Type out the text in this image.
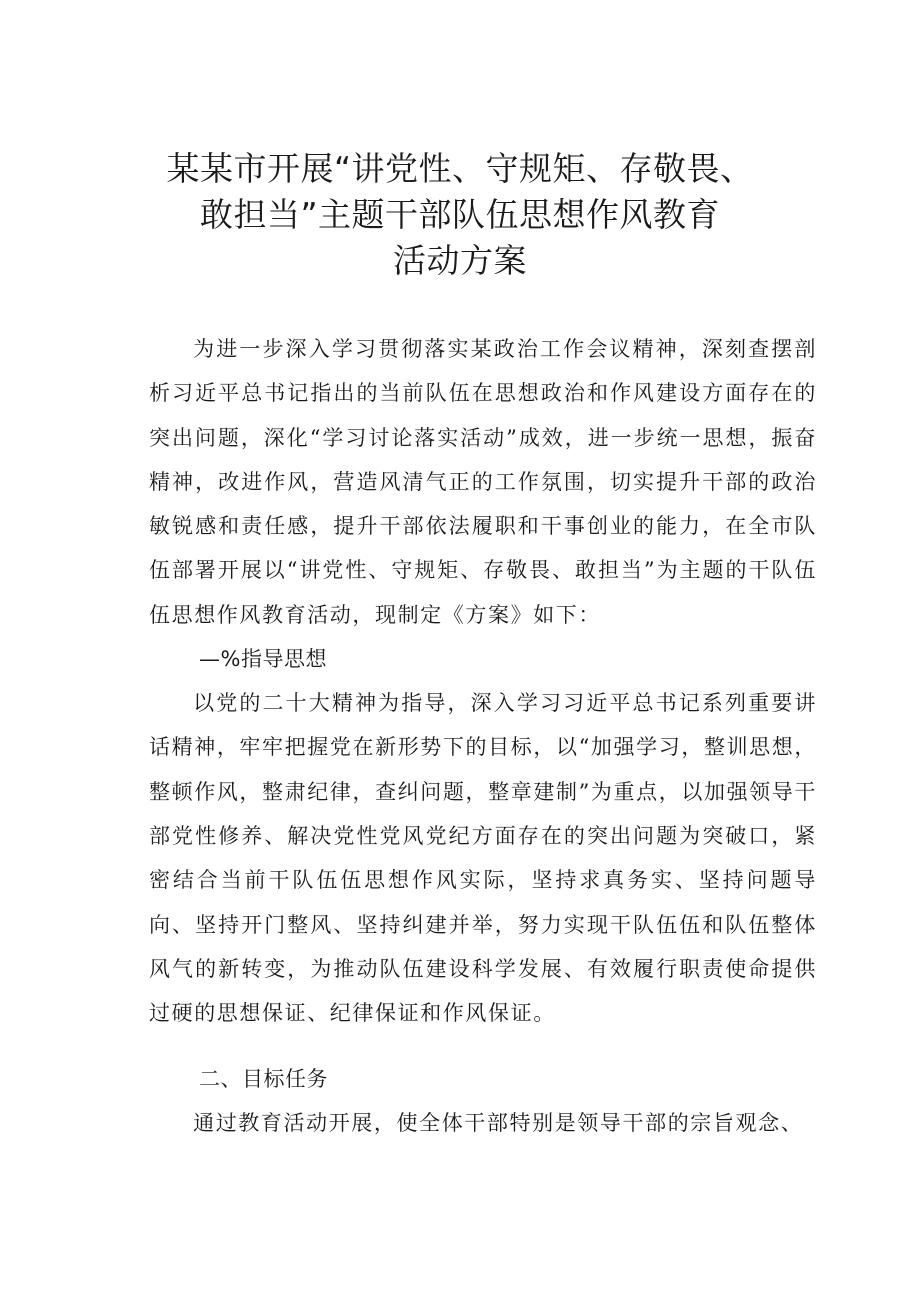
某某市开展“讲党性、守规矩、存敬畏、
敢担当”主题干部队伍思想作风教育
活动方案

为进一步深入学习贯彻落实某政治工作会议精神，深刻查摆剖析习近平总书记指出的当前队伍在思想政治和作风建设方面存在的突出问题，深化“学习讨论落实活动”成效，进一步统一思想，振奋精神，改进作风，营造风清气正的工作氛围，切实提升干部的政治敏锐感和责任感，提升干部依法履职和干事创业的能力，在全市队伍部署开展以“讲党性、守规矩、存敬畏、敢担当”为主题的干队伍伍思想作风教育活动，现制定《方案》如下：

—%指导思想

以党的二十大精神为指导，深入学习习近平总书记系列重要讲话精神，牢牢把握党在新形势下的目标，以“加强学习，整训思想，整顿作风，整肃纪律，查纠问题，整章建制”为重点，以加强领导干部党性修养、解决党性党风党纪方面存在的突出问题为突破口，紧密结合当前干队伍伍思想作风实际，坚持求真务实、坚持问题导向、坚持开门整风、坚持纠建并举，努力实现干队伍伍和队伍整体风气的新转变，为推动队伍建设科学发展、有效履行职责使命提供过硬的思想保证、纪律保证和作风保证。

二、目标任务

通过教育活动开展，使全体干部特别是领导干部的宗旨观念、
